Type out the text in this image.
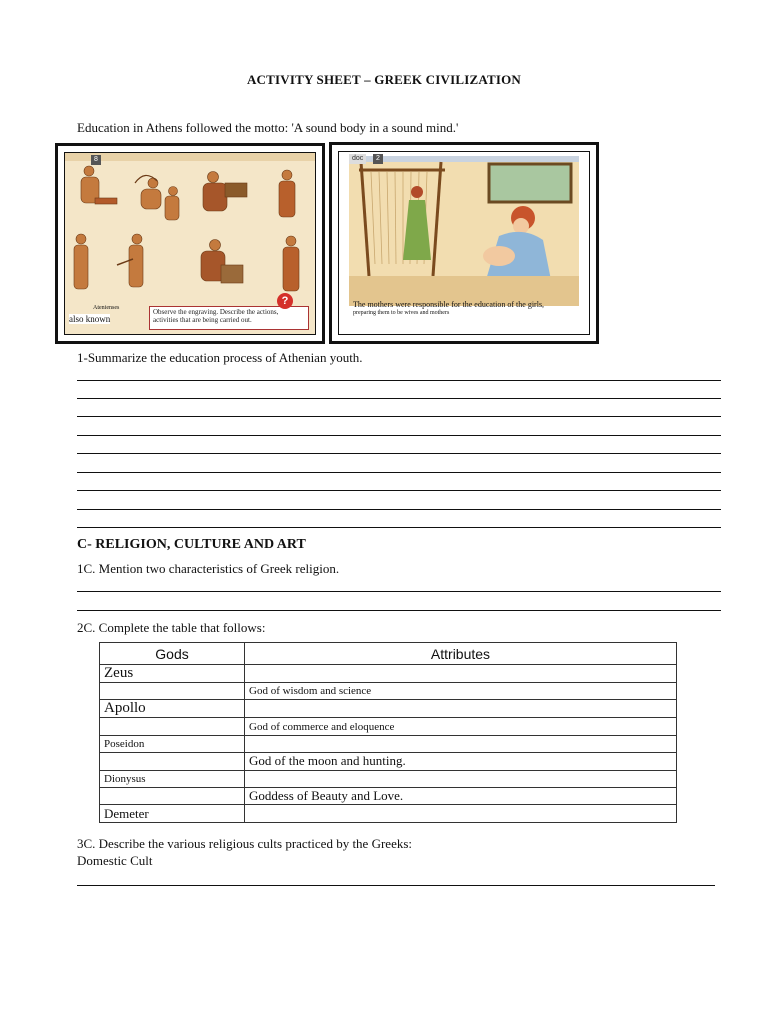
ACTIVITY SHEET – GREEK CIVILIZATION
Education in Athens followed the motto: 'A sound body in a sound mind.'
8
Atenienses
also known
Observe the engraving. Describe the actions, activities that are being carried out.
?
doc	2
The mothers were responsible for the education of the girls,
preparing them to be wives and mothers
1-Summarize the education process of Athenian youth.
C- RELIGION, CULTURE AND ART
1C. Mention two characteristics of Greek religion.
2C. Complete the table that follows:
Gods	Attributes
Zeus	
	God of wisdom and science
Apollo	
	God of commerce and eloquence
Poseidon	
	God of the moon and hunting.
Dionysus	
	Goddess of Beauty and Love.
Demeter	
3C. Describe the various religious cults practiced by the Greeks:
Domestic Cult
